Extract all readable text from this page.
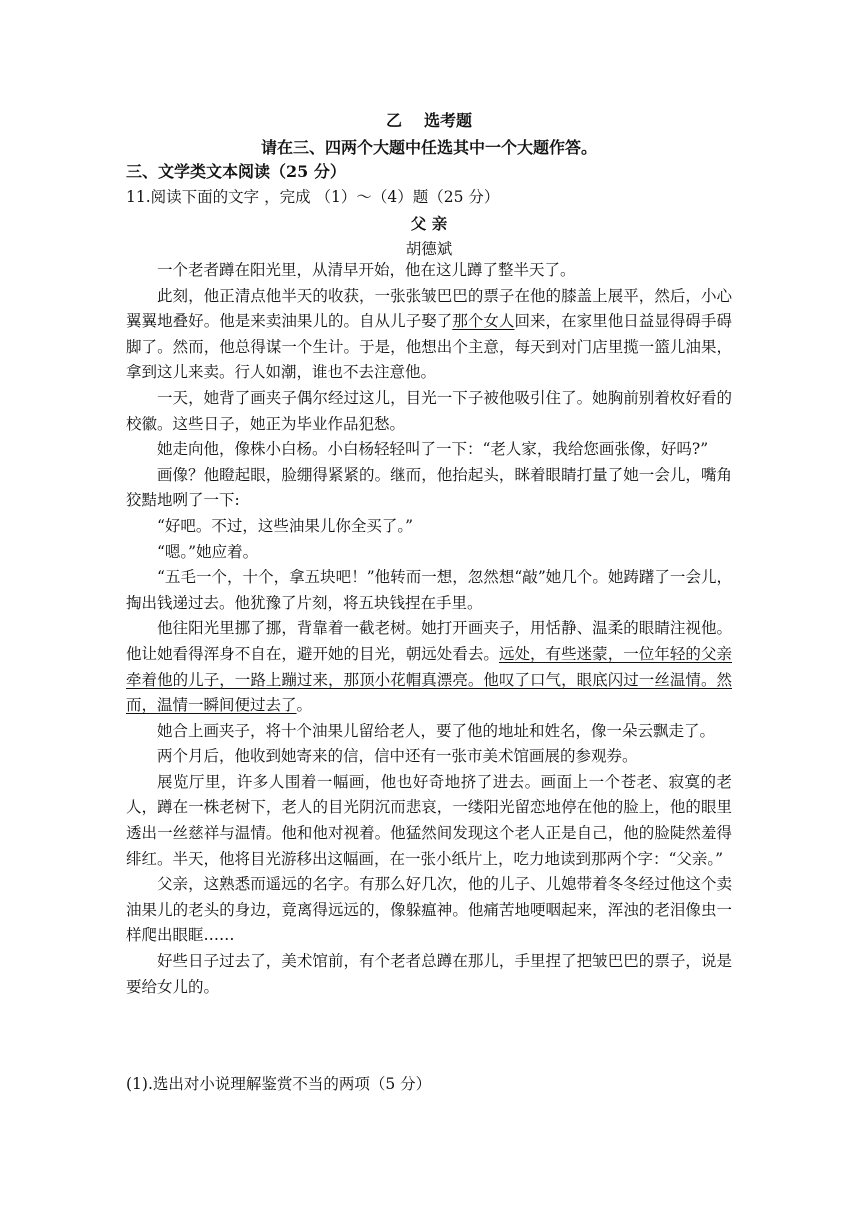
乙 选考题
请在三、四两个大题中任选其中一个大题作答。
三、文学类文本阅读（25 分）
11.阅读下面的文字 ，完成 （1）～（4）题（25 分）
父 亲
胡德斌

一个老者蹲在阳光里，从清早开始，他在这儿蹲了整半天了。

此刻，他正清点他半天的收获，一张张皱巴巴的票子在他的膝盖上展平，然后，小心翼翼地叠好。他是来卖油果儿的。自从儿子娶了那个女人回来，在家里他日益显得碍手碍脚了。然而，他总得谋一个生计。于是，他想出个主意，每天到对门店里揽一篮儿油果，拿到这儿来卖。行人如潮，谁也不去注意他。

一天，她背了画夹子偶尔经过这儿，目光一下子被他吸引住了。她胸前别着枚好看的校徽。这些日子，她正为毕业作品犯愁。

她走向他，像株小白杨。小白杨轻轻叫了一下：“老人家，我给您画张像，好吗?”

画像？他瞪起眼，脸绷得紧紧的。继而，他抬起头，眯着眼睛打量了她一会儿，嘴角狡黠地咧了一下:

“好吧。不过，这些油果儿你全买了。”

“嗯。”她应着。

“五毛一个，十个，拿五块吧！”他转而一想，忽然想“敲”她几个。她踌躇了一会儿，掏出钱递过去。他犹豫了片刻，将五块钱捏在手里。

他往阳光里挪了挪，背靠着一截老树。她打开画夹子，用恬静、温柔的眼睛注视他。他让她看得浑身不自在，避开她的目光，朝远处看去。远处，有些迷蒙，一位年轻的父亲牵着他的儿子，一路上蹦过来，那顶小花帽真漂亮。他叹了口气，眼底闪过一丝温情。然而，温情一瞬间便过去了。

她合上画夹子，将十个油果儿留给老人，要了他的地址和姓名，像一朵云飘走了。

两个月后，他收到她寄来的信，信中还有一张市美术馆画展的参观券。

展览厅里，许多人围着一幅画，他也好奇地挤了进去。画面上一个苍老、寂寞的老人，蹲在一株老树下，老人的目光阴沉而悲哀，一缕阳光留恋地停在他的脸上，他的眼里透出一丝慈祥与温情。他和他对视着。他猛然间发现这个老人正是自己，他的脸陡然羞得绯红。半天，他将目光游移出这幅画，在一张小纸片上，吃力地读到那两个字：“父亲。”

父亲，这熟悉而遥远的名字。有那么好几次，他的儿子、儿媳带着冬冬经过他这个卖油果儿的老头的身边，竟离得远远的，像躲瘟神。他痛苦地哽咽起来，浑浊的老泪像虫一样爬出眼眶……

好些日子过去了，美术馆前，有个老者总蹲在那儿，手里捏了把皱巴巴的票子，说是要给女儿的。

(1).选出对小说理解鉴赏不当的两项（5 分）
